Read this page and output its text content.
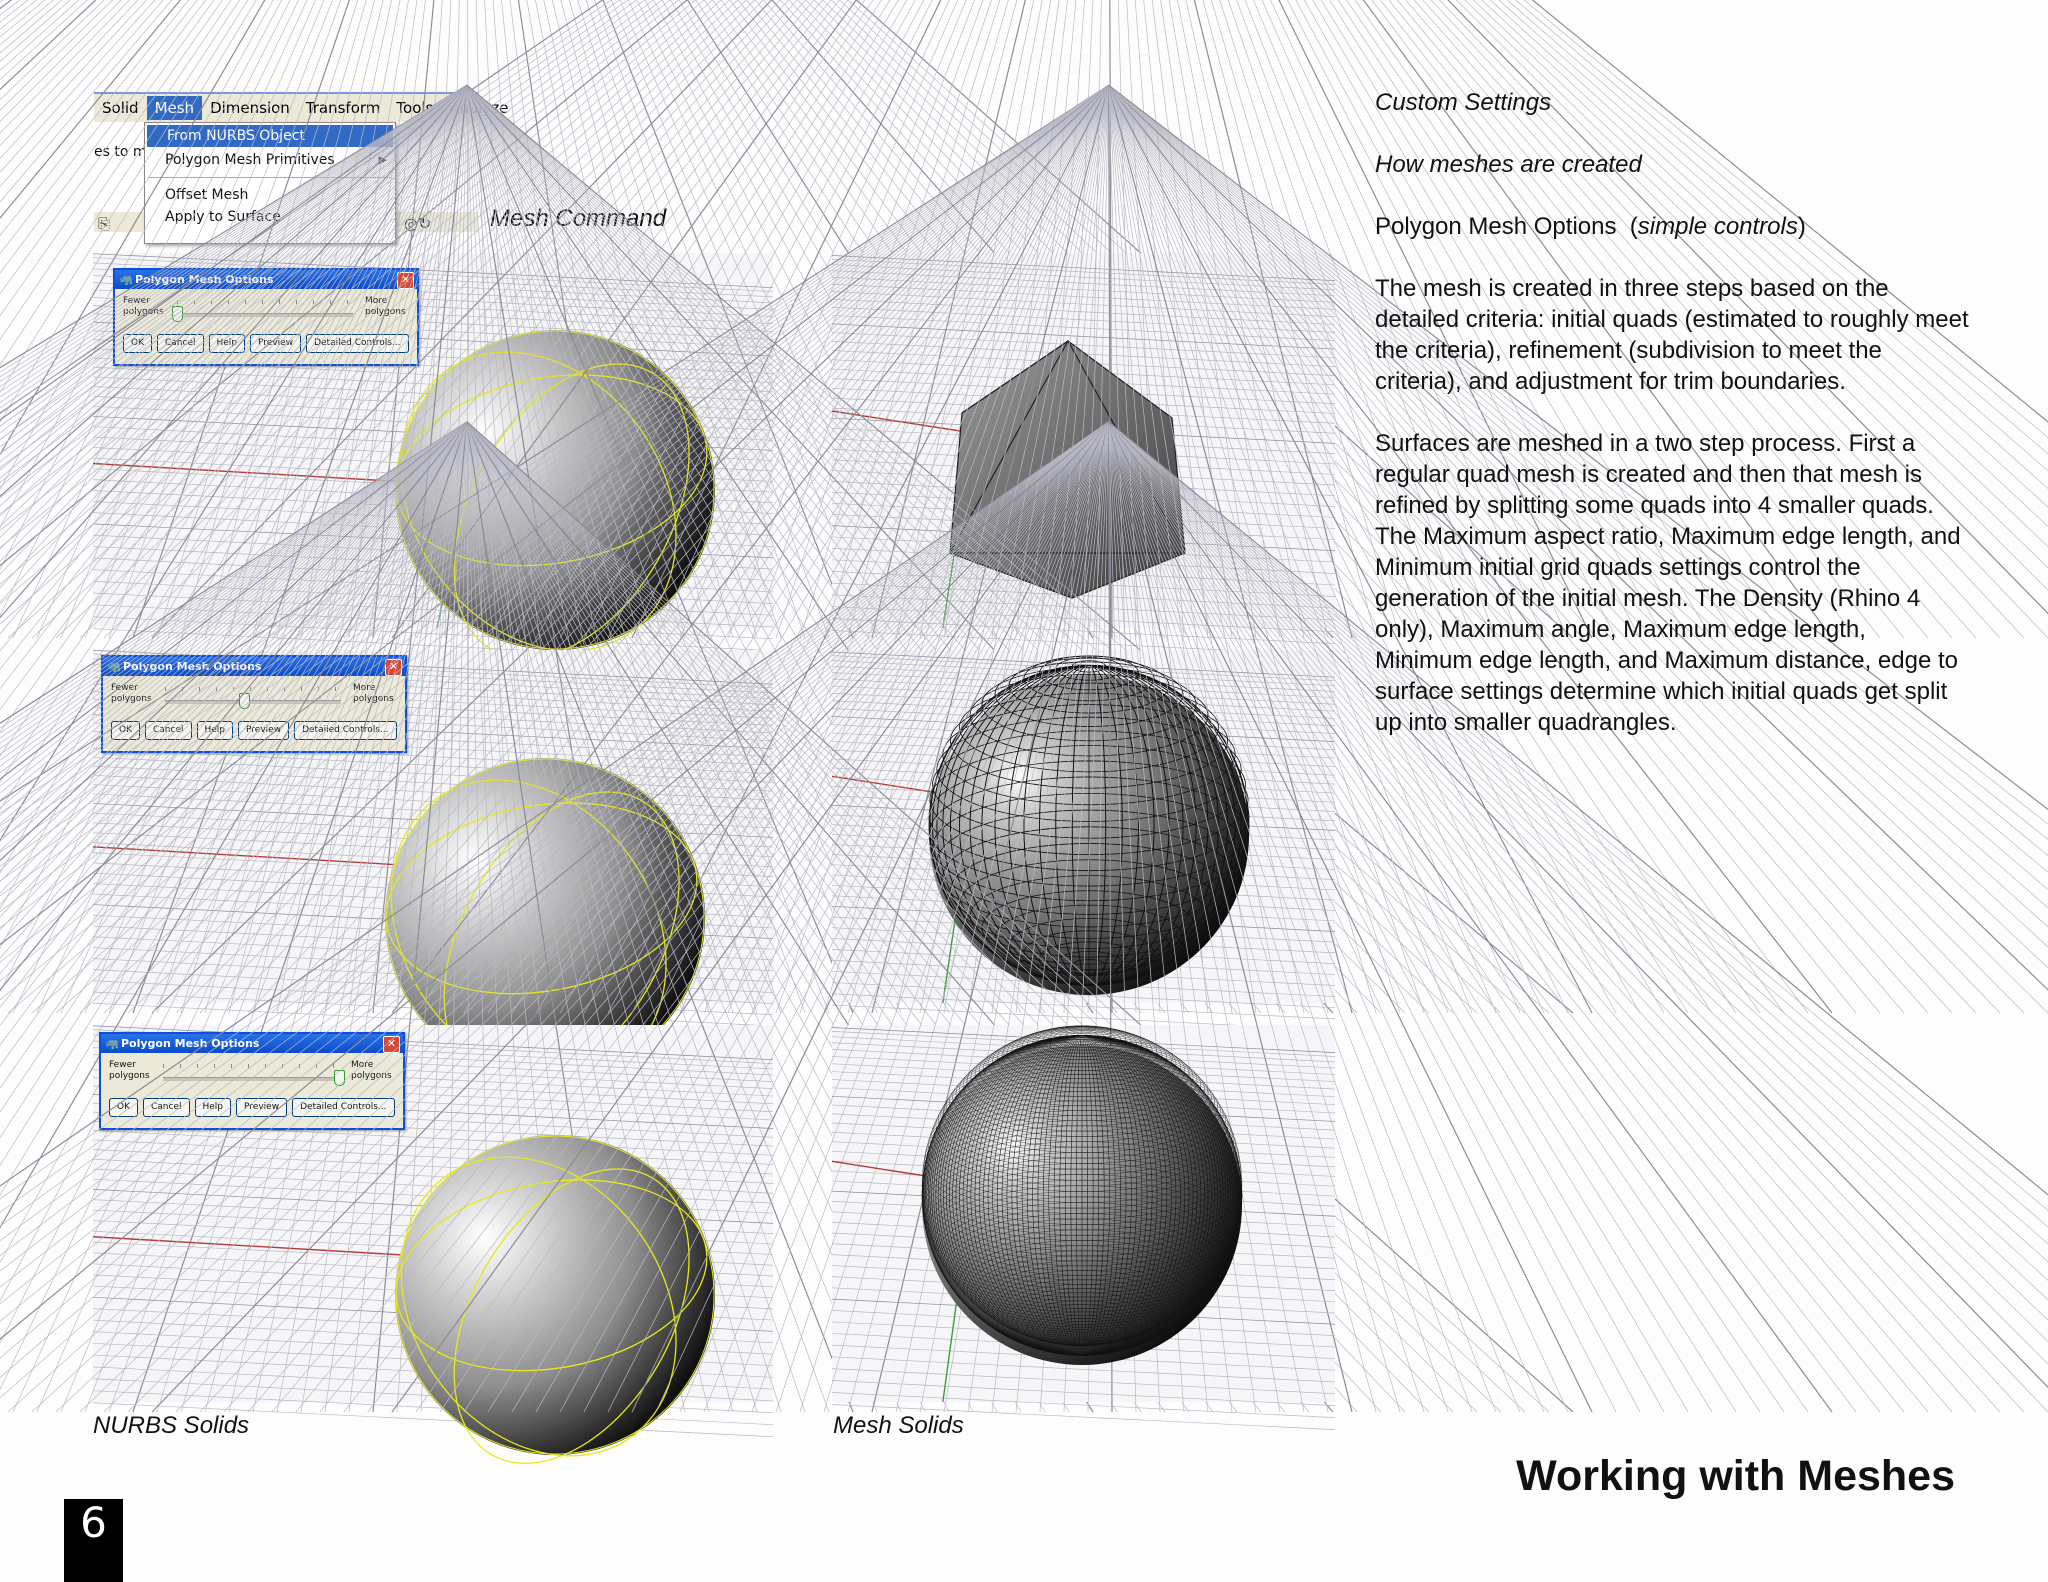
Solid	Mesh	Dimension	Transform	Tools
es to m
⎘	◎↻
From NURBS Object
Polygon Mesh Primitives
Offset Mesh
Apply to Surface
🦏 Polygon Mesh Options	✕
Fewer polygons
More
OK	Cancel	Help	Preview	Detailed Controls...
🦏 Polygon Mesh Options	✕
Fewer
OK	Cancel	Help	Preview	Detailed Controls...
🦏 Polygon Mesh Options	✕
Fewer polygons	polygons
OK	Cancel	Help	Preview	Detailed Controls...
NURBS Solids	Mesh Solids
Custom Settings
How meshes are created
Polygon Mesh Options  (simple controls)
The mesh is created in three steps based on the detailed criteria: initial quads (estimated to roughly meet the criteria), refinement (subdivision to meet the criteria), and adjustment for trim boundaries.
Surfaces are meshed in a two step process. First a regular quad mesh is created and then that mesh is refined by splitting some quads into 4 smaller quads. The Maximum aspect ratio, Maximum edge length, and Minimum initial grid quads settings control the generation of the initial mesh. The Density (Rhino 4 only), Maximum angle, Maximum edge length, Minimum edge length, and Maximum distance, edge to surface settings determine which initial quads get split up into smaller quadrangles.
Working with Meshes
6
